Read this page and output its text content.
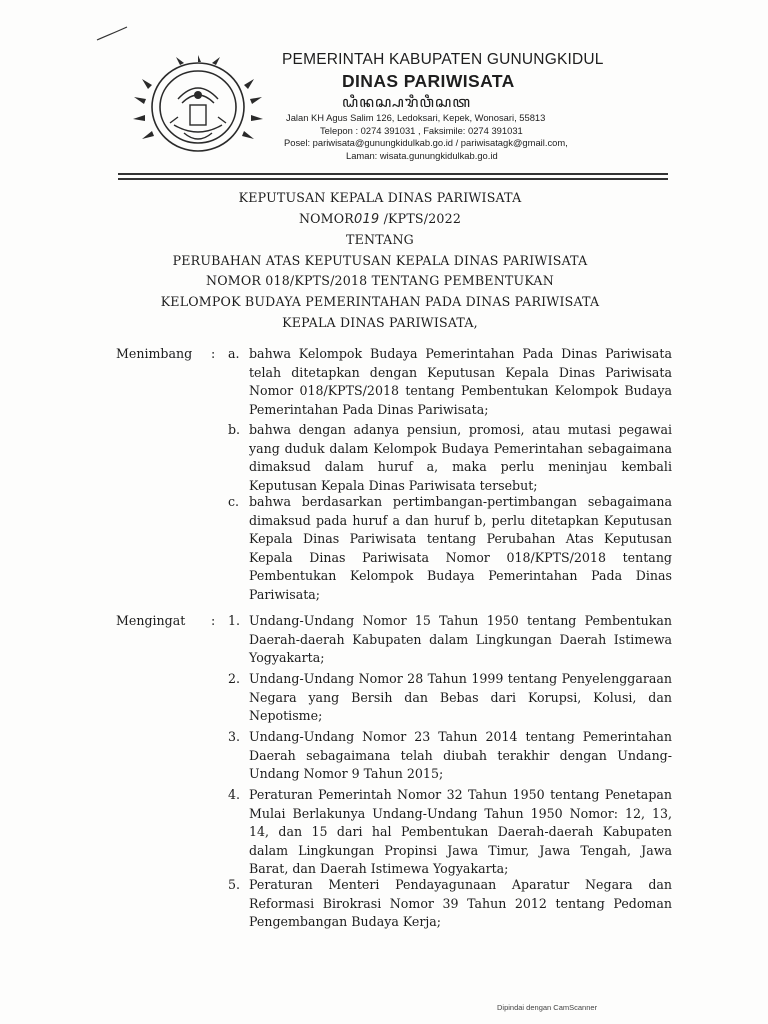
PEMERINTAH KABUPATEN GUNUNGKIDUL
DINAS PARIWISATA
ꦝꦶꦤꦱ꧀ꦥꦫꦶꦮꦶꦱꦠ
Jalan KH Agus Salim 126, Ledoksari, Kepek, Wonosari, 55813
Telepon : 0274 391031 , Faksimile: 0274 391031
Posel: pariwisata@gunungkidulkab.go.id / pariwisatagk@gmail.com,
Laman: wisata.gunungkidulkab.go.id
KEPUTUSAN KEPALA DINAS PARIWISATA
NOMOR019 /KPTS/2022
TENTANG
PERUBAHAN ATAS KEPUTUSAN KEPALA DINAS PARIWISATA
NOMOR 018/KPTS/2018 TENTANG PEMBENTUKAN
KELOMPOK BUDAYA PEMERINTAHAN PADA DINAS PARIWISATA
KEPALA DINAS PARIWISATA,
Menimbang : a. bahwa Kelompok Budaya Pemerintahan Pada Dinas Pariwisata telah ditetapkan dengan Keputusan Kepala Dinas Pariwisata Nomor 018/KPTS/2018 tentang Pembentukan Kelompok Budaya Pemerintahan Pada Dinas Pariwisata;
b. bahwa dengan adanya pensiun, promosi, atau mutasi pegawai yang duduk dalam Kelompok Budaya Pemerintahan sebagaimana dimaksud dalam huruf a, maka perlu meninjau kembali Keputusan Kepala Dinas Pariwisata tersebut;
c. bahwa berdasarkan pertimbangan-pertimbangan sebagaimana dimaksud pada huruf a dan huruf b, perlu ditetapkan Keputusan Kepala Dinas Pariwisata tentang Perubahan Atas Keputusan Kepala Dinas Pariwisata Nomor 018/KPTS/2018 tentang Pembentukan Kelompok Budaya Pemerintahan Pada Dinas Pariwisata;
Mengingat : 1. Undang-Undang Nomor 15 Tahun 1950 tentang Pembentukan Daerah-daerah Kabupaten dalam Lingkungan Daerah Istimewa Yogyakarta;
2. Undang-Undang Nomor 28 Tahun 1999 tentang Penyelenggaraan Negara yang Bersih dan Bebas dari Korupsi, Kolusi, dan Nepotisme;
3. Undang-Undang Nomor 23 Tahun 2014 tentang Pemerintahan Daerah sebagaimana telah diubah terakhir dengan Undang-Undang Nomor 9 Tahun 2015;
4. Peraturan Pemerintah Nomor 32 Tahun 1950 tentang Penetapan Mulai Berlakunya Undang-Undang Tahun 1950 Nomor: 12, 13, 14, dan 15 dari hal Pembentukan Daerah-daerah Kabupaten dalam Lingkungan Propinsi Jawa Timur, Jawa Tengah, Jawa Barat, dan Daerah Istimewa Yogyakarta;
5. Peraturan Menteri Pendayagunaan Aparatur Negara dan Reformasi Birokrasi Nomor 39 Tahun 2012 tentang Pedoman Pengembangan Budaya Kerja;
Dipindai dengan CamScanner
